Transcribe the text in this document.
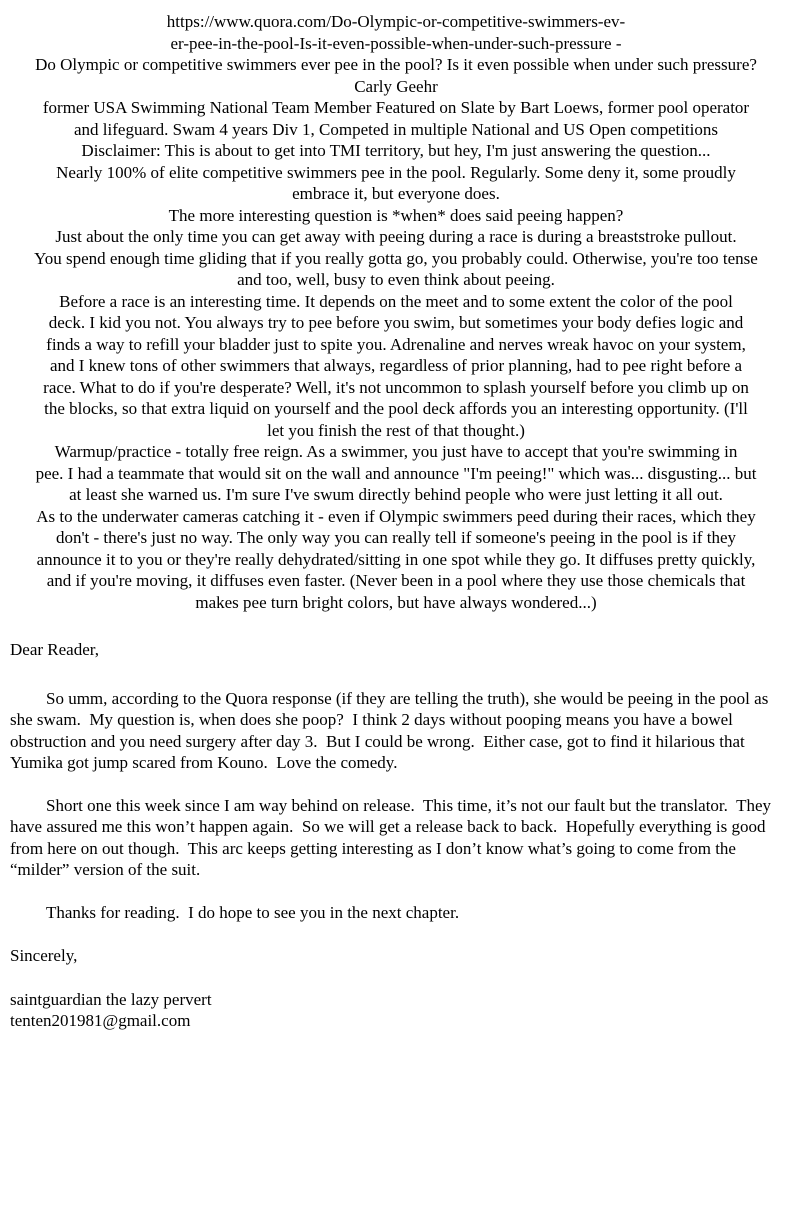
https://www.quora.com/Do-Olympic-or-competitive-swimmers-ev-
er-pee-in-the-pool-Is-it-even-possible-when-under-such-pressure -
Do Olympic or competitive swimmers ever pee in the pool? Is it even possible when under such pressure?
Carly Geehr
former USA Swimming National Team Member Featured on Slate by Bart Loews, former pool operator
and lifeguard. Swam 4 years Div 1, Competed in multiple National and US Open competitions
Disclaimer: This is about to get into TMI territory, but hey, I'm just answering the question...
Nearly 100% of elite competitive swimmers pee in the pool. Regularly. Some deny it, some proudly
embrace it, but everyone does.
The more interesting question is *when* does said peeing happen?
Just about the only time you can get away with peeing during a race is during a breaststroke pullout.
You spend enough time gliding that if you really gotta go, you probably could. Otherwise, you're too tense
and too, well, busy to even think about peeing.
Before a race is an interesting time. It depends on the meet and to some extent the color of the pool
deck. I kid you not. You always try to pee before you swim, but sometimes your body defies logic and
finds a way to refill your bladder just to spite you. Adrenaline and nerves wreak havoc on your system,
and I knew tons of other swimmers that always, regardless of prior planning, had to pee right before a
race. What to do if you're desperate? Well, it's not uncommon to splash yourself before you climb up on
the blocks, so that extra liquid on yourself and the pool deck affords you an interesting opportunity. (I'll
let you finish the rest of that thought.)
Warmup/practice - totally free reign. As a swimmer, you just have to accept that you're swimming in
pee. I had a teammate that would sit on the wall and announce "I'm peeing!" which was... disgusting... but
at least she warned us. I'm sure I've swum directly behind people who were just letting it all out.
As to the underwater cameras catching it - even if Olympic swimmers peed during their races, which they
don't - there's just no way. The only way you can really tell if someone's peeing in the pool is if they
announce it to you or they're really dehydrated/sitting in one spot while they go. It diffuses pretty quickly,
and if you're moving, it diffuses even faster. (Never been in a pool where they use those chemicals that
makes pee turn bright colors, but have always wondered...)

Dear Reader,

So umm, according to the Quora response (if they are telling the truth), she would be peeing in the pool as she swam.  My question is, when does she poop?  I think 2 days without pooping means you have a bowel obstruction and you need surgery after day 3.  But I could be wrong.  Either case, got to find it hilarious that Yumika got jump scared from Kouno.  Love the comedy.

Short one this week since I am way behind on release.  This time, it’s not our fault but the translator.  They have assured me this won’t happen again.  So we will get a release back to back.  Hopefully everything is good from here on out though.  This arc keeps getting interesting as I don’t know what’s going to come from the “milder” version of the suit.

Thanks for reading.  I do hope to see you in the next chapter.

Sincerely,

saintguardian the lazy pervert

tenten201981@gmail.com
